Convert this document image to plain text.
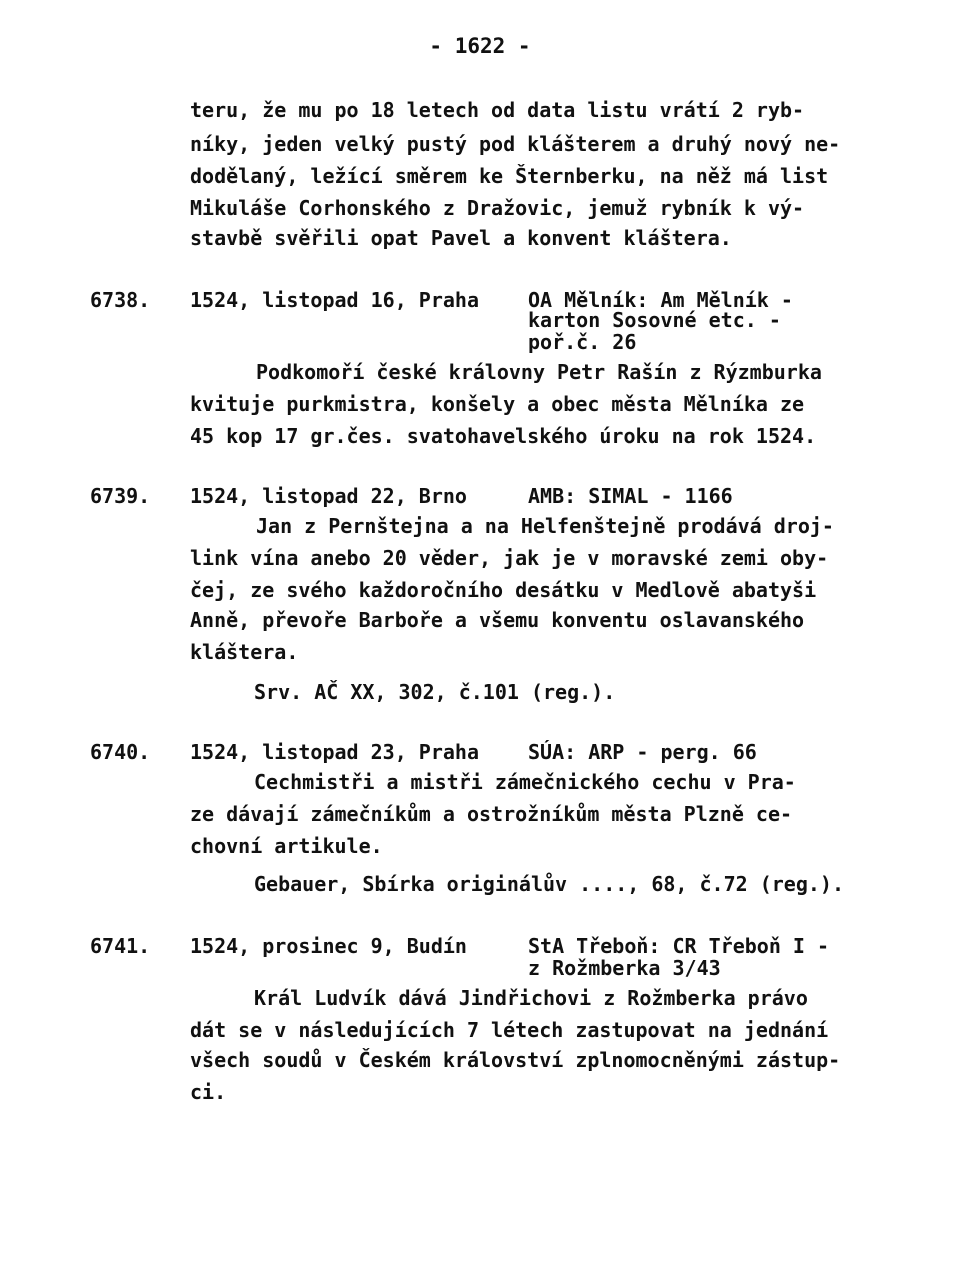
- 1622 -
teru, že mu po 18 letech od data listu vrátí 2 ryb-
níky, jeden velký pustý pod klášterem a druhý nový ne-
dodělaný, ležící směrem ke Šternberku, na něž má list
Mikuláše Corhonského z Dražovic, jemuž rybník k vý-
stavbě svěřili opat Pavel a konvent kláštera.
6738. 1524, listopad 16, Praha OA Mělník: Am Mělník -
karton Sosovné etc. -
poř.č. 26
Podkomoří české královny Petr Rašín z Rýzmburka
kvituje purkmistra, konšely a obec města Mělníka ze
45 kop 17 gr.čes. svatohavelského úroku na rok 1524.
6739. 1524, listopad 22, Brno	AMB: SIMAL - 1166
Jan z Pernštejna a na Helfenštejně prodává droj-
link vína anebo 20 věder, jak je v moravské zemi oby-
čej, ze svého každoročního desátku v Medlově abatyši
Anně, převoře Barboře a všemu konventu oslavanského
kláštera.
Srv. AČ XX, 302, č.101 (reg.).
6740. 1524, listopad 23, Praha SÚA: ARP - perg. 66
Cechmistři a mistři zámečnického cechu v Pra-
ze dávají zámečníkům a ostrožníkům města Plzně ce-
chovní artikule.
Gebauer, Sbírka originálův ...., 68, č.72 (reg.).
6741. 1524, prosinec 9, Budín	StA Třeboň: CR Třeboň I -
z Rožmberka 3/43
Král Ludvík dává Jindřichovi z Rožmberka právo
dát se v následujících 7 létech zastupovat na jednání
všech soudů v Českém království zplnomocněnými zástup-
ci.
